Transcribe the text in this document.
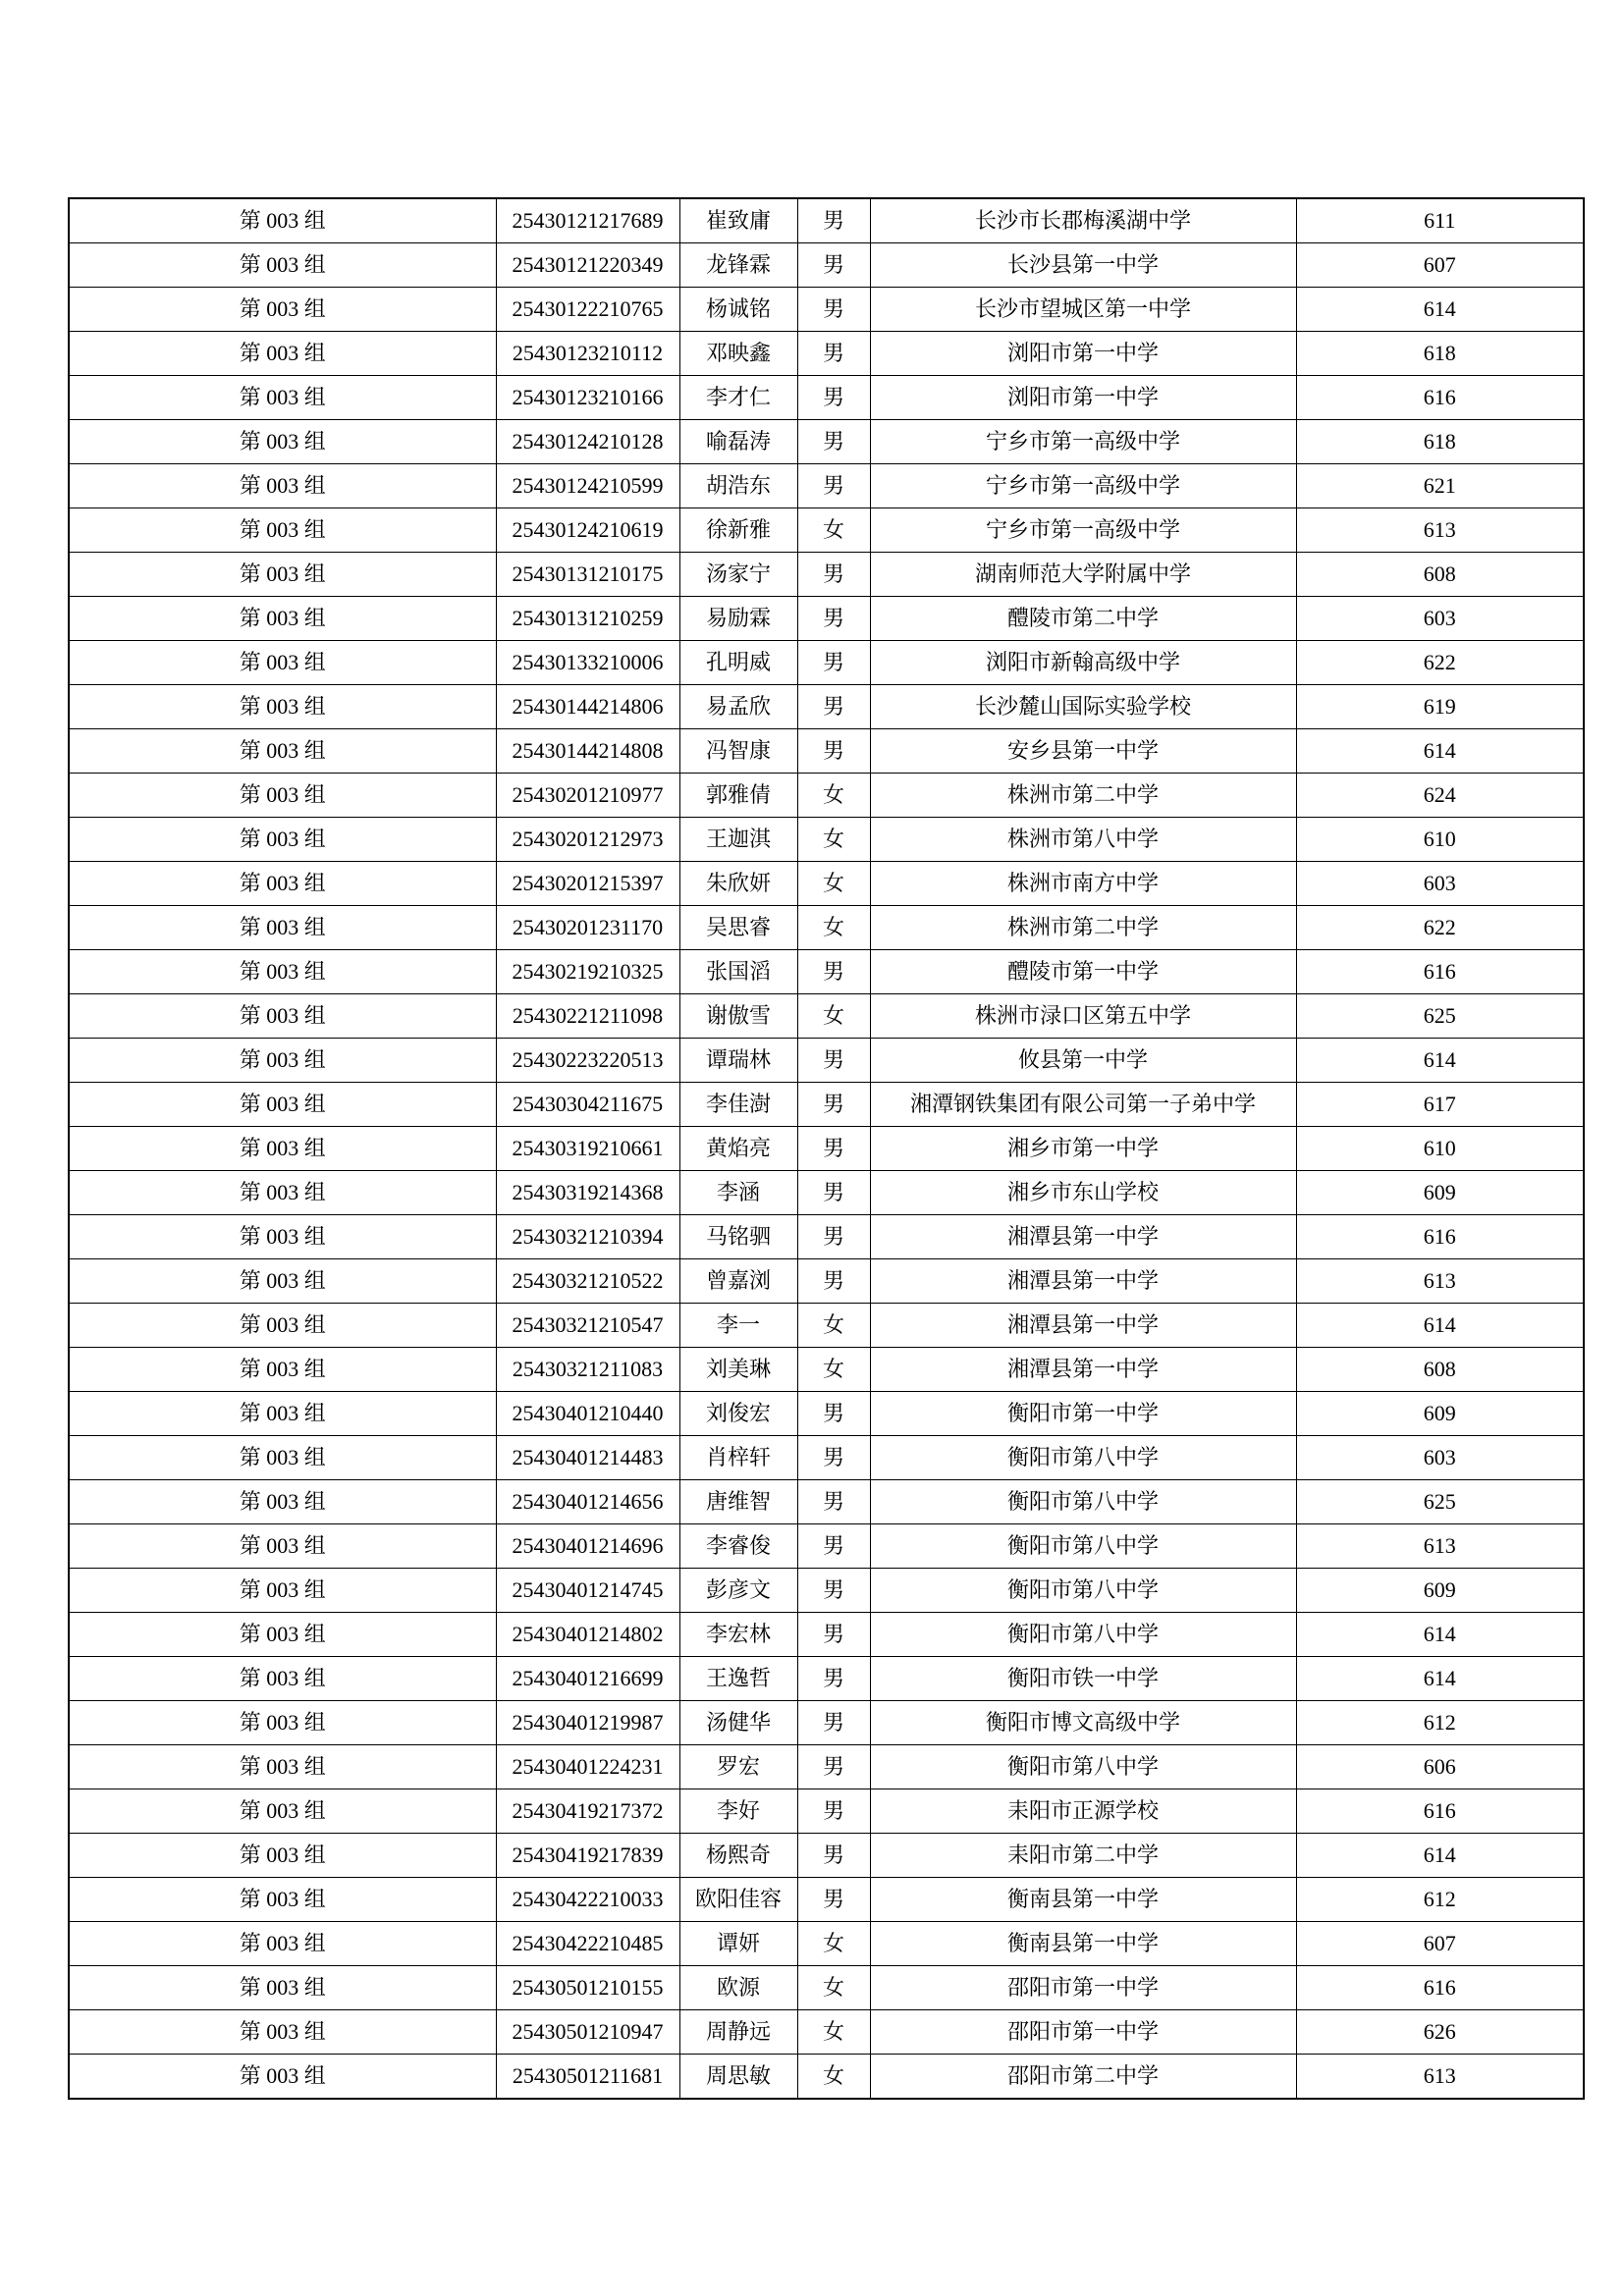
第 003 组	25430121217689	崔致庸	男	长沙市长郡梅溪湖中学	611
第 003 组	25430121220349	龙锋霖	男	长沙县第一中学	607
第 003 组	25430122210765	杨诚铭	男	长沙市望城区第一中学	614
第 003 组	25430123210112	邓映鑫	男	浏阳市第一中学	618
第 003 组	25430123210166	李才仁	男	浏阳市第一中学	616
第 003 组	25430124210128	喻磊涛	男	宁乡市第一高级中学	618
第 003 组	25430124210599	胡浩东	男	宁乡市第一高级中学	621
第 003 组	25430124210619	徐新雅	女	宁乡市第一高级中学	613
第 003 组	25430131210175	汤家宁	男	湖南师范大学附属中学	608
第 003 组	25430131210259	易励霖	男	醴陵市第二中学	603
第 003 组	25430133210006	孔明威	男	浏阳市新翰高级中学	622
第 003 组	25430144214806	易孟欣	男	长沙麓山国际实验学校	619
第 003 组	25430144214808	冯智康	男	安乡县第一中学	614
第 003 组	25430201210977	郭雅倩	女	株洲市第二中学	624
第 003 组	25430201212973	王迦淇	女	株洲市第八中学	610
第 003 组	25430201215397	朱欣妍	女	株洲市南方中学	603
第 003 组	25430201231170	吴思睿	女	株洲市第二中学	622
第 003 组	25430219210325	张国滔	男	醴陵市第一中学	616
第 003 组	25430221211098	谢傲雪	女	株洲市渌口区第五中学	625
第 003 组	25430223220513	谭瑞林	男	攸县第一中学	614
第 003 组	25430304211675	李佳澍	男	湘潭钢铁集团有限公司第一子弟中学	617
第 003 组	25430319210661	黄焰亮	男	湘乡市第一中学	610
第 003 组	25430319214368	李涵	男	湘乡市东山学校	609
第 003 组	25430321210394	马铭驷	男	湘潭县第一中学	616
第 003 组	25430321210522	曾嘉浏	男	湘潭县第一中学	613
第 003 组	25430321210547	李一	女	湘潭县第一中学	614
第 003 组	25430321211083	刘美琳	女	湘潭县第一中学	608
第 003 组	25430401210440	刘俊宏	男	衡阳市第一中学	609
第 003 组	25430401214483	肖梓轩	男	衡阳市第八中学	603
第 003 组	25430401214656	唐维智	男	衡阳市第八中学	625
第 003 组	25430401214696	李睿俊	男	衡阳市第八中学	613
第 003 组	25430401214745	彭彦文	男	衡阳市第八中学	609
第 003 组	25430401214802	李宏林	男	衡阳市第八中学	614
第 003 组	25430401216699	王逸哲	男	衡阳市铁一中学	614
第 003 组	25430401219987	汤健华	男	衡阳市博文高级中学	612
第 003 组	25430401224231	罗宏	男	衡阳市第八中学	606
第 003 组	25430419217372	李好	男	耒阳市正源学校	616
第 003 组	25430419217839	杨熙奇	男	耒阳市第二中学	614
第 003 组	25430422210033	欧阳佳容	男	衡南县第一中学	612
第 003 组	25430422210485	谭妍	女	衡南县第一中学	607
第 003 组	25430501210155	欧源	女	邵阳市第一中学	616
第 003 组	25430501210947	周静远	女	邵阳市第一中学	626
第 003 组	25430501211681	周思敏	女	邵阳市第二中学	613
